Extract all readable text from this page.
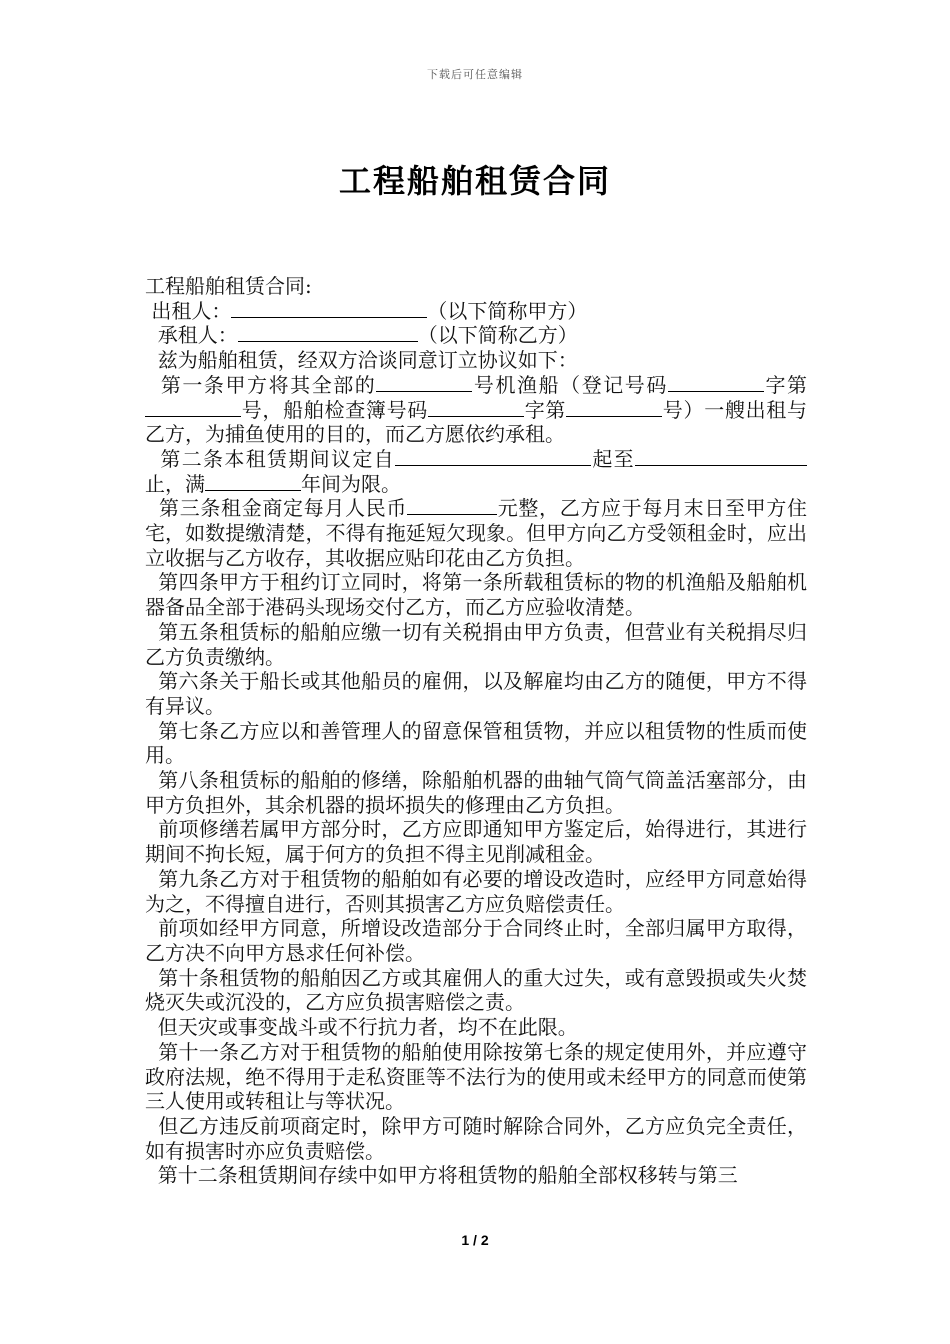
下载后可任意编辑
工程船舶租赁合同

工程船舶租赁合同:

出租人：	（以下简称甲方）

承租人：	（以下简称乙方）

兹为船舶租赁，经双方洽谈同意订立协议如下：

第一条甲方将其全部的	号机渔船（登记号码	字第号，船舶检查簿号码	字第	号）一艘出租与乙方，为捕鱼使用的目的，而乙方愿依约承租。

第二条本租赁期间议定自	起至止，满	年间为限。

第三条租金商定每月人民币	元整，乙方应于每月末日至甲方住宅，如数提缴清楚，不得有拖延短欠现象。但甲方向乙方受领租金时，应出立收据与乙方收存，其收据应贴印花由乙方负担。

第四条甲方于租约订立同时，将第一条所载租赁标的物的机渔船及船舶机器备品全部于港码头现场交付乙方，而乙方应验收清楚。

第五条租赁标的船舶应缴一切有关税捐由甲方负责，但营业有关税捐尽归乙方负责缴纳。

第六条关于船长或其他船员的雇佣，以及解雇均由乙方的随便，甲方不得有异议。

第七条乙方应以和善管理人的留意保管租赁物，并应以租赁物的性质而使用。

第八条租赁标的船舶的修缮，除船舶机器的曲轴气筒气筒盖活塞部分，由甲方负担外，其余机器的损坏损失的修理由乙方负担。

前项修缮若属甲方部分时，乙方应即通知甲方鉴定后，始得进行，其进行期间不拘长短，属于何方的负担不得主见削减租金。

第九条乙方对于租赁物的船舶如有必要的增设改造时，应经甲方同意始得为之，不得擅自进行，否则其损害乙方应负赔偿责任。

前项如经甲方同意，所增设改造部分于合同终止时，全部归属甲方取得，乙方决不向甲方恳求任何补偿。

第十条租赁物的船舶因乙方或其雇佣人的重大过失，或有意毁损或失火焚烧灭失或沉没的，乙方应负损害赔偿之责。

但天灾或事变战斗或不行抗力者，均不在此限。

第十一条乙方对于租赁物的船舶使用除按第七条的规定使用外，并应遵守政府法规，绝不得用于走私资匪等不法行为的使用或未经甲方的同意而使第三人使用或转租让与等状况。

但乙方违反前项商定时，除甲方可随时解除合同外，乙方应负完全责任，如有损害时亦应负责赔偿。

第十二条租赁期间存续中如甲方将租赁物的船舶全部权移转与第三

1 / 2
